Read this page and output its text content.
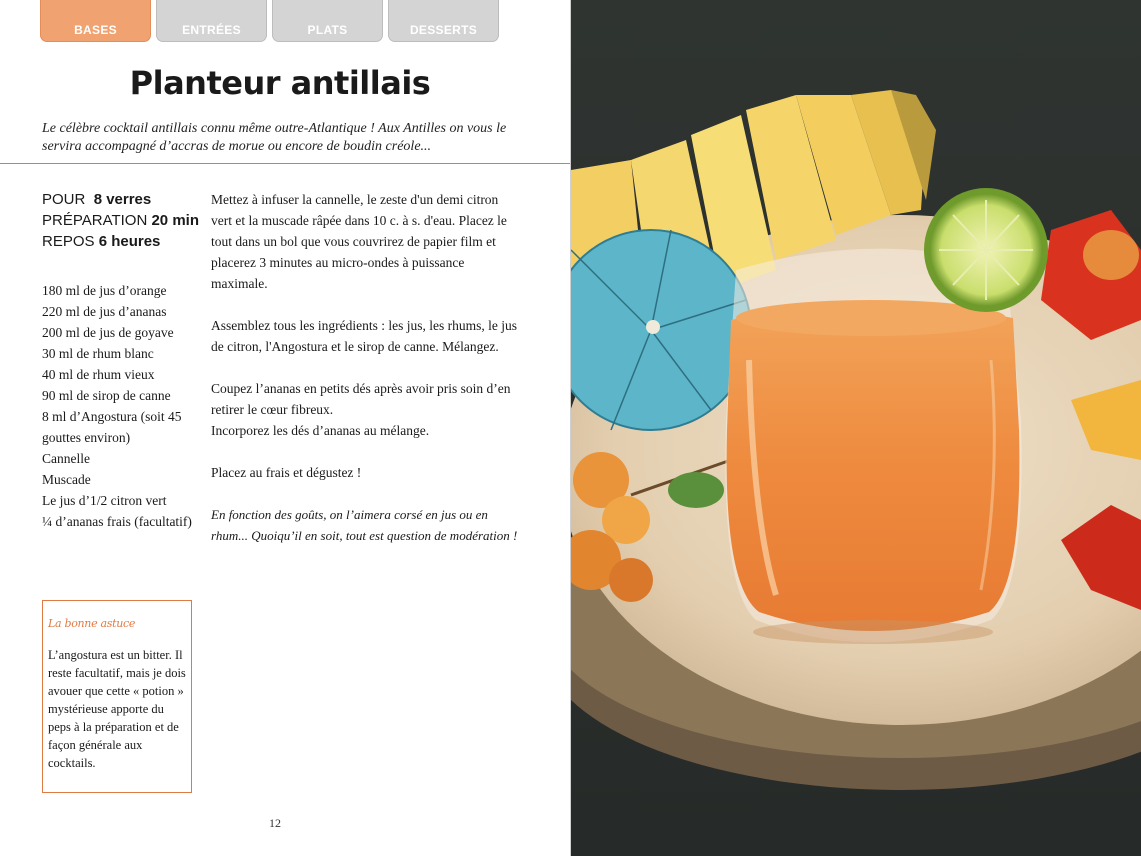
BASES	ENTRÉES	PLATS	DESSERTS
Planteur antillais

Le célèbre cocktail antillais connu même outre-Atlantique ! Aux Antilles on vous le servira accompagné d’accras de morue ou encore de boudin créole...

POUR 8 verres
PRÉPARATION 20 min
REPOS 6 heures
180 ml de jus d’orange
220 ml de jus d’ananas
200 ml de jus de goyave
30 ml de rhum blanc
40 ml de rhum vieux
90 ml de sirop de canne
8 ml d’Angostura (soit 45 gouttes environ)
Cannelle
Muscade
Le jus d’1/2 citron vert
¼ d’ananas frais (facultatif)

Mettez à infuser la cannelle, le zeste d'un demi citron vert et la muscade râpée dans 10 c. à s. d'eau. Placez le tout dans un bol que vous couvrirez de papier film et placerez 3 minutes au micro-ondes à puissance maximale.

Assemblez tous les ingrédients : les jus, les rhums, le jus de citron, l'Angostura et le sirop de canne. Mélangez.

Coupez l’ananas en petits dés après avoir pris soin d’en retirer le cœur fibreux.

Incorporez les dés d’ananas au mélange.

Placez au frais et dégustez !

En fonction des goûts, on l’aimera corsé en jus ou en rhum... Quoiqu’il en soit, tout est question de modération !

La bonne astuce
L’angostura est un bitter. Il reste facultatif, mais je dois avouer que cette « potion » mystérieuse apporte du peps à la préparation et de façon générale aux cocktails.
12
